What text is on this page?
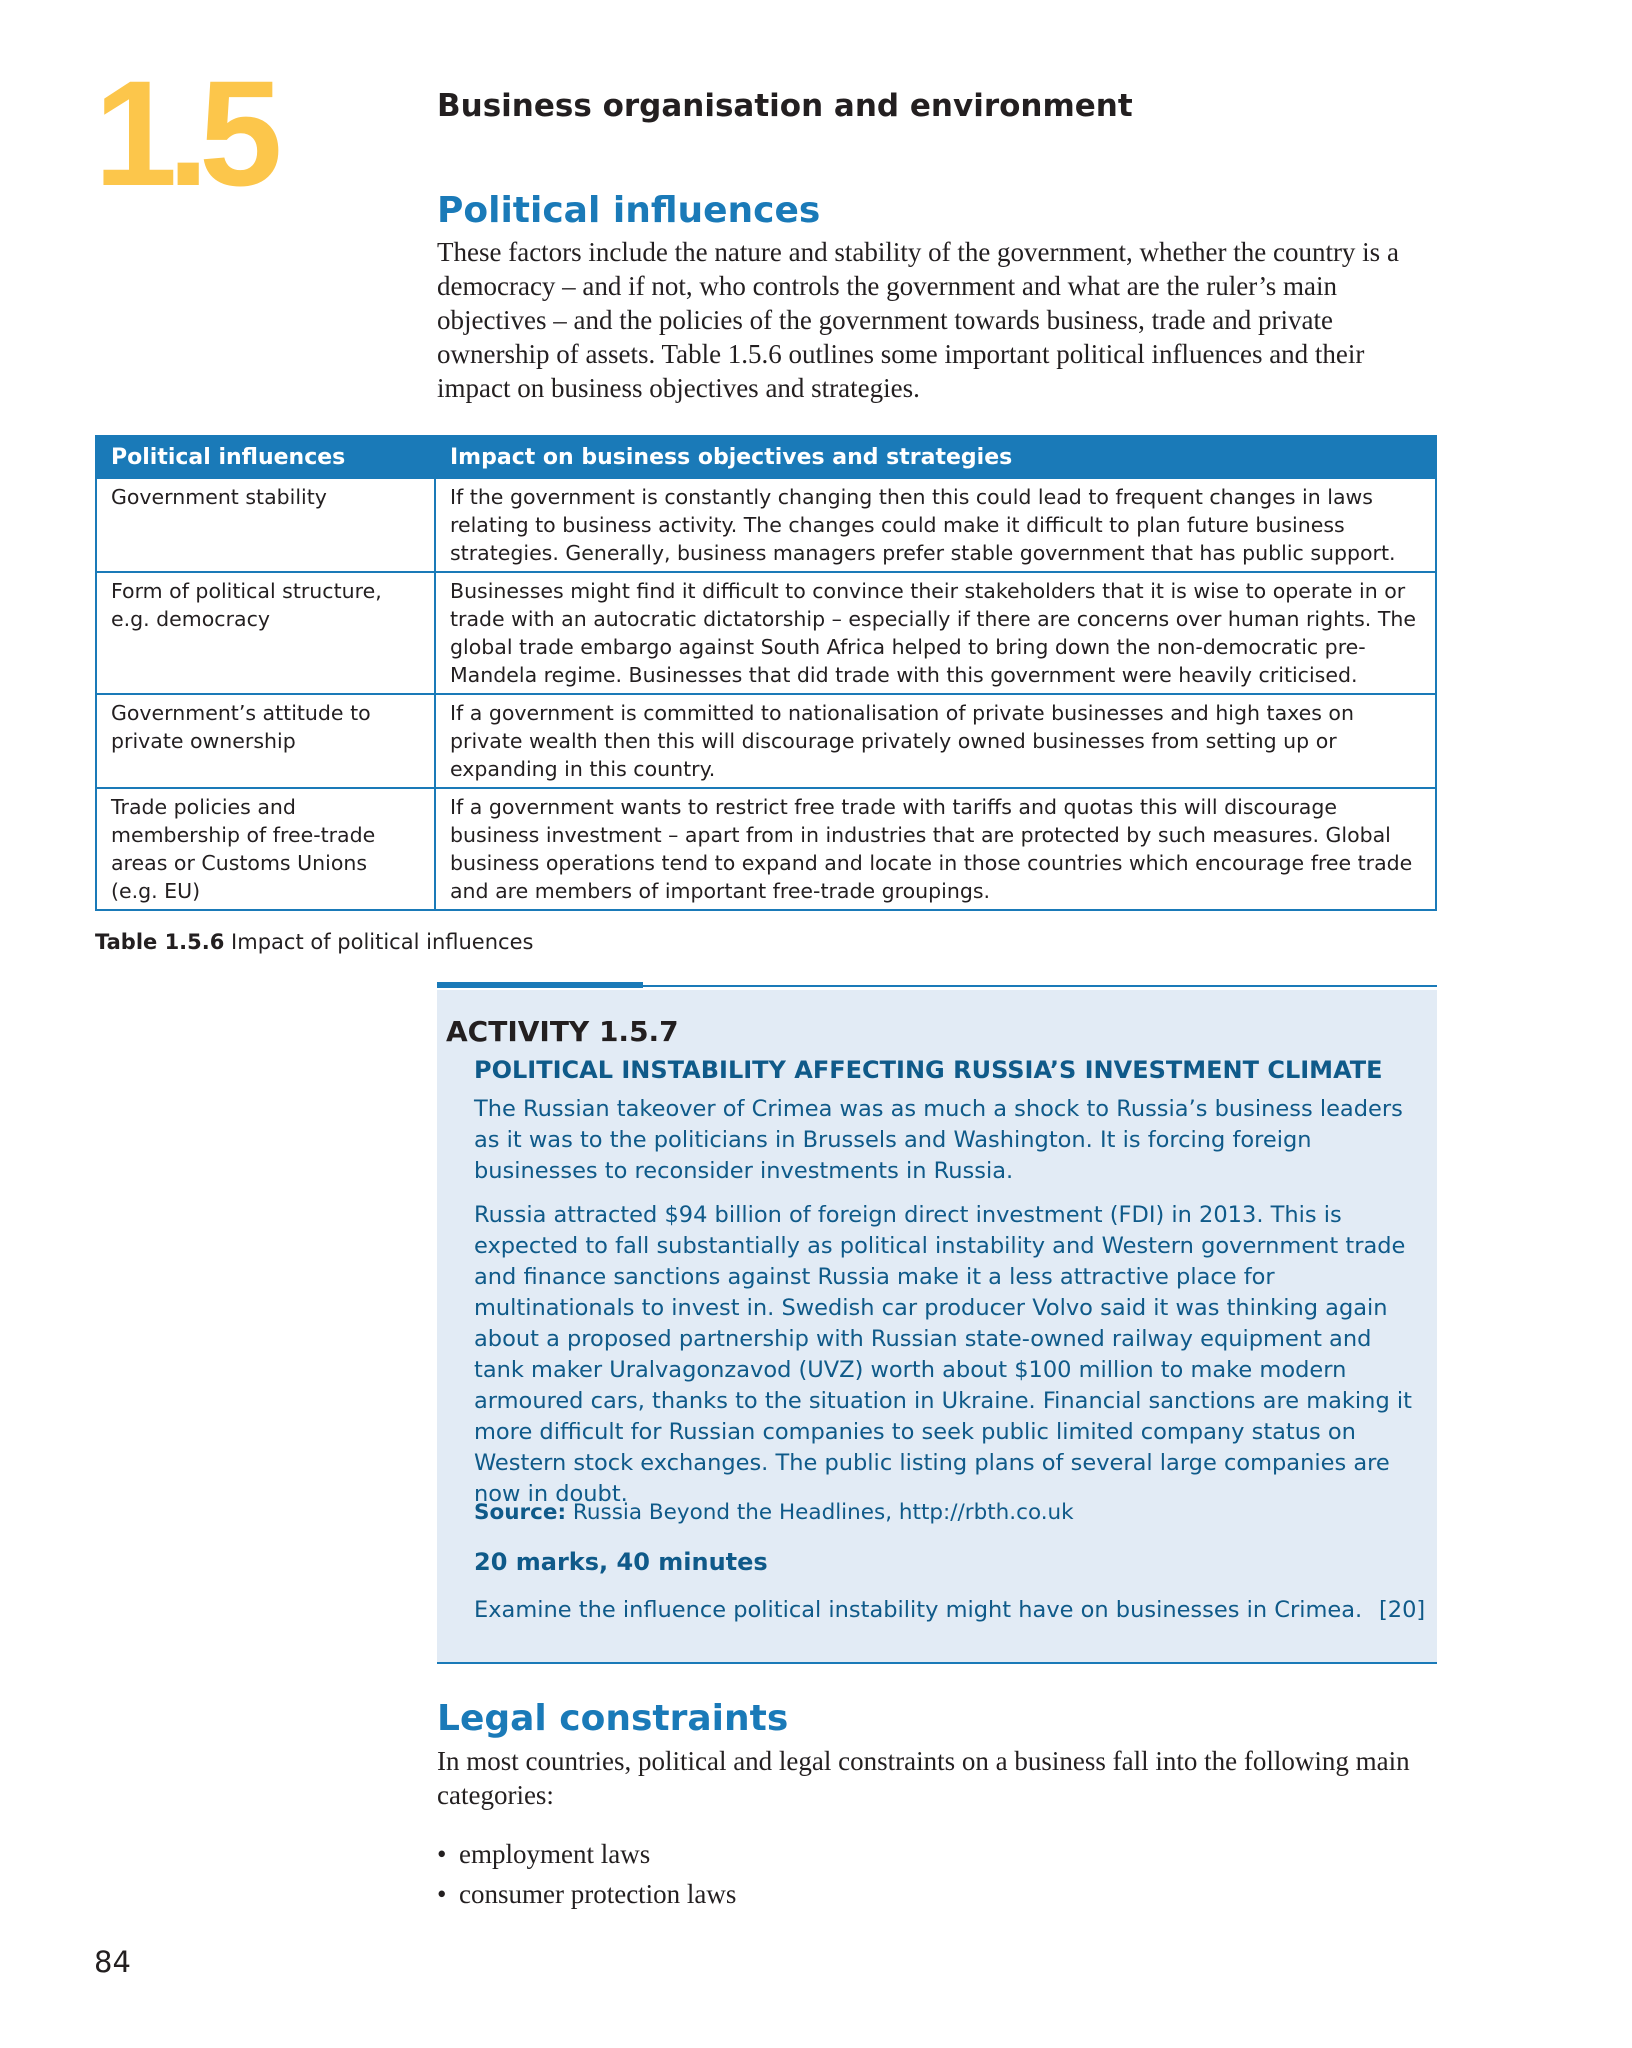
1.5	Business organisation and environment
Political influences

These factors include the nature and stability of the government, whether the country is a democracy – and if not, who controls the government and what are the ruler’s main objectives – and the policies of the government towards business, trade and private ownership of assets. Table 1.5.6 outlines some important political influences and their impact on business objectives and strategies.

Political influences	Impact on business objectives and strategies
Government stability	If the government is constantly changing then this could lead to frequent changes in laws relating to business activity. The changes could make it difficult to plan future business strategies. Generally, business managers prefer stable government that has public support.
Form of political structure, e.g. democracy	Businesses might find it difficult to convince their stakeholders that it is wise to operate in or trade with an autocratic dictatorship – especially if there are concerns over human rights. The global trade embargo against South Africa helped to bring down the non-democratic pre-Mandela regime. Businesses that did trade with this government were heavily criticised.
Government’s attitude to private ownership	If a government is committed to nationalisation of private businesses and high taxes on private wealth then this will discourage privately owned businesses from setting up or expanding in this country.
Trade policies and membership of free-trade areas or Customs Unions (e.g. EU)	If a government wants to restrict free trade with tariffs and quotas this will discourage business investment – apart from in industries that are protected by such measures. Global business operations tend to expand and locate in those countries which encourage free trade and are members of important free-trade groupings.
Table 1.5.6 Impact of political influences
ACTIVITY 1.5.7
POLITICAL INSTABILITY AFFECTING RUSSIA’S INVESTMENT CLIMATE

The Russian takeover of Crimea was as much a shock to Russia’s business leaders as it was to the politicians in Brussels and Washington. It is forcing foreign businesses to reconsider investments in Russia.

Russia attracted $94 billion of foreign direct investment (FDI) in 2013. This is expected to fall substantially as political instability and Western government trade and finance sanctions against Russia make it a less attractive place for multinationals to invest in. Swedish car producer Volvo said it was thinking again about a proposed partnership with Russian state-owned railway equipment and tank maker Uralvagonzavod (UVZ) worth about $100 million to make modern armoured cars, thanks to the situation in Ukraine. Financial sanctions are making it more difficult for Russian companies to seek public limited company status on Western stock exchanges. The public listing plans of several large companies are now in doubt.

Source: Russia Beyond the Headlines, http://rbth.co.uk
20 marks, 40 minutes
Examine the influence political instability might have on businesses in Crimea. [20]
Legal constraints

In most countries, political and legal constraints on a business fall into the following main categories:

• employment laws
• consumer protection laws
84
